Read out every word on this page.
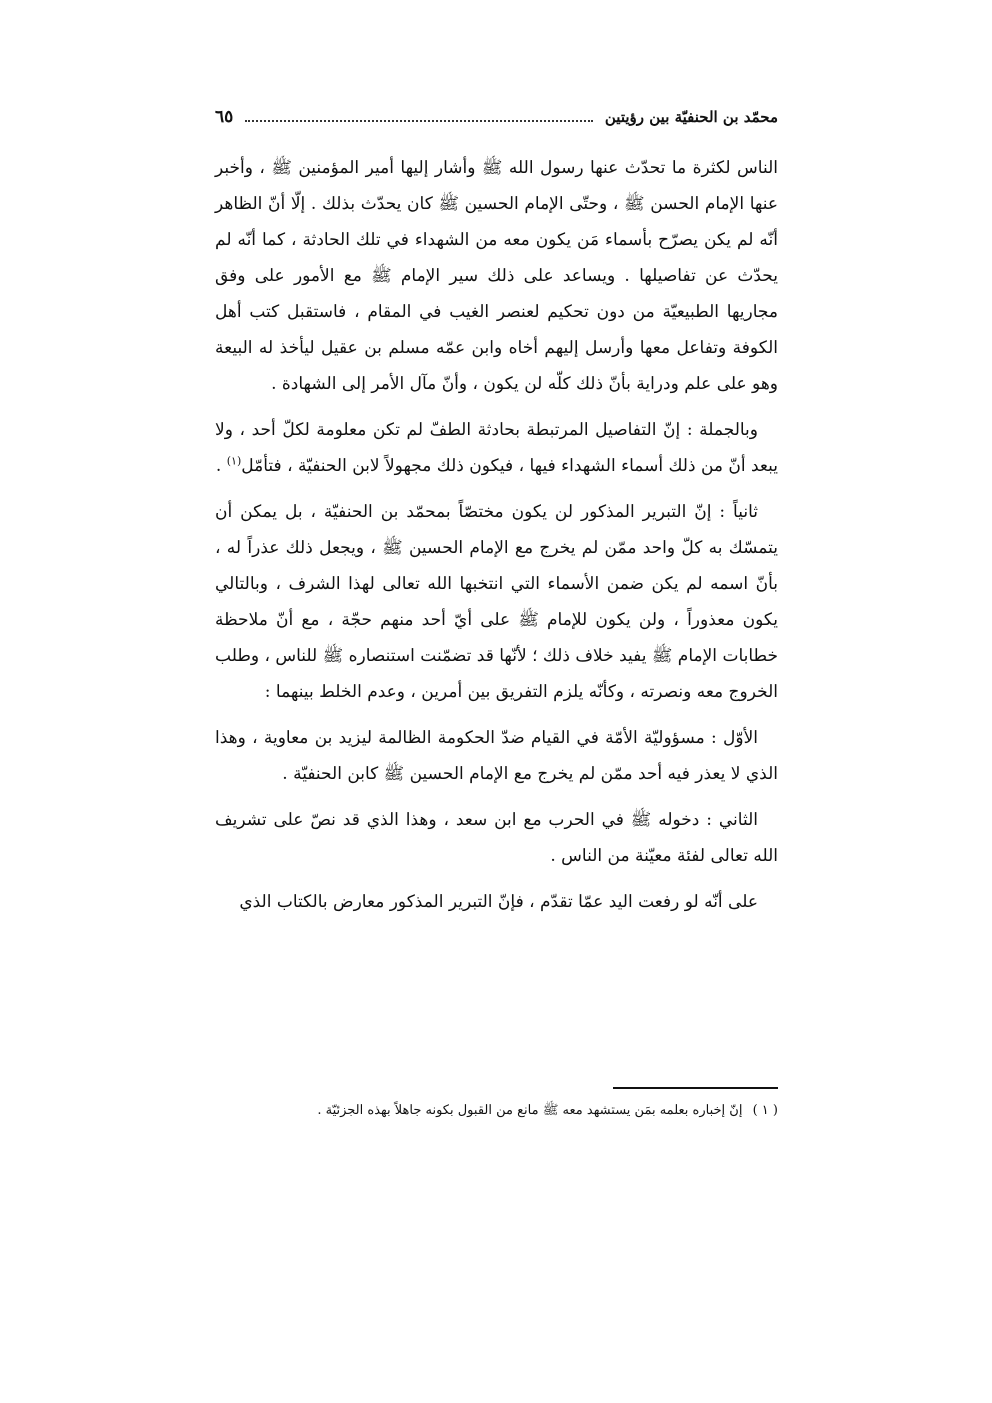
محمّد بن الحنفيّة بين رؤيتين
٦٥

الناس لكثرة ما تحدّث عنها رسول الله ﷺ وأشار إليها أمير المؤمنين ﷺ ، وأخبر عنها الإمام الحسن ﷺ ، وحتّى الإمام الحسين ﷺ كان يحدّث بذلك . إلّا أنّ الظاهر أنّه لم يكن يصرّح بأسماء مَن يكون معه من الشهداء في تلك الحادثة ، كما أنّه لم يحدّث عن تفاصيلها . ويساعد على ذلك سير الإمام ﷺ مع الأمور على وفق مجاريها الطبيعيّة من دون تحكيم لعنصر الغيب في المقام ، فاستقبل كتب أهل الكوفة وتفاعل معها وأرسل إليهم أخاه وابن عمّه مسلم بن عقيل ليأخذ له البيعة وهو على علم ودراية بأنّ ذلك كلّه لن يكون ، وأنّ مآل الأمر إلى الشهادة .

وبالجملة : إنّ التفاصيل المرتبطة بحادثة الطفّ لم تكن معلومة لكلّ أحد ، ولا يبعد أنّ من ذلك أسماء الشهداء فيها ، فيكون ذلك مجهولاً لابن الحنفيّة ، فتأمّل$^{(١)}$ .

ثانياً : إنّ التبرير المذكور لن يكون مختصّاً بمحمّد بن الحنفيّة ، بل يمكن أن يتمسّك به كلّ واحد ممّن لم يخرج مع الإمام الحسين ﷺ ، ويجعل ذلك عذراً له ، بأنّ اسمه لم يكن ضمن الأسماء التي انتخبها الله تعالى لهذا الشرف ، وبالتالي يكون معذوراً ، ولن يكون للإمام ﷺ على أيّ أحد منهم حجّة ، مع أنّ ملاحظة خطابات الإمام ﷺ يفيد خلاف ذلك ؛ لأنّها قد تضمّنت استنصاره ﷺ للناس ، وطلب الخروج معه ونصرته ، وكأنّه يلزم التفريق بين أمرين ، وعدم الخلط بينهما :

الأوّل : مسؤوليّة الأمّة في القيام ضدّ الحكومة الظالمة ليزيد بن معاوية ، وهذا الذي لا يعذر فيه أحد ممّن لم يخرج مع الإمام الحسين ﷺ كابن الحنفيّة .

الثاني : دخوله ﷺ في الحرب مع ابن سعد ، وهذا الذي قد نصّ على تشريف الله تعالى لفئة معيّنة من الناس .

على أنّه لو رفعت اليد عمّا تقدّم ، فإنّ التبرير المذكور معارض بالكتاب الذي

( ١ ) إنّ إخباره بعلمه بمَن يستشهد معه ﷺ مانع من القبول بكونه جاهلاً بهذه الجزئيّة .
